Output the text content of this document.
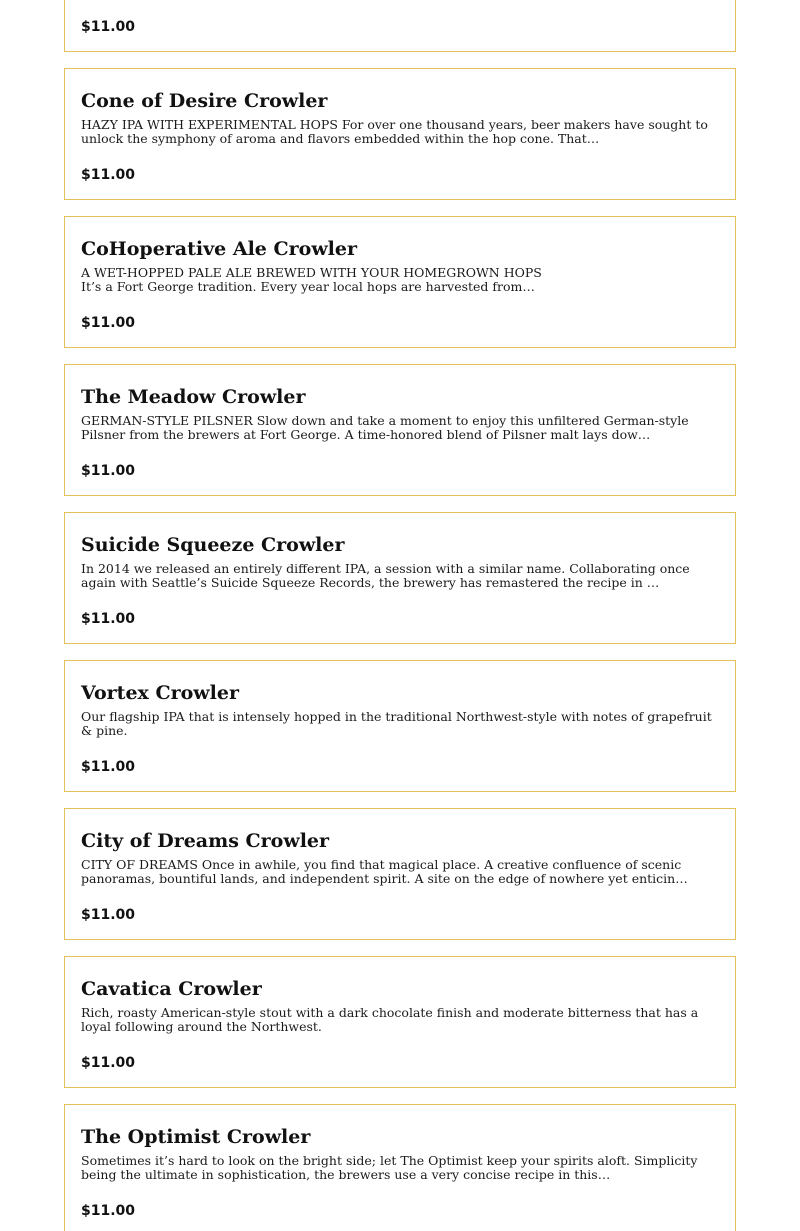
$11.00
Cone of Desire Crowler
HAZY IPA WITH EXPERIMENTAL HOPS For over one thousand years, beer makers have sought to unlock the symphony of aroma and flavors embedded within the hop cone. That…
$11.00
CoHoperative Ale Crowler
A WET-HOPPED PALE ALE BREWED WITH YOUR HOMEGROWN HOPS
It’s a Fort George tradition. Every year local hops are harvested from…
$11.00
The Meadow Crowler
GERMAN-STYLE PILSNER Slow down and take a moment to enjoy this unfiltered German-style Pilsner from the brewers at Fort George. A time-honored blend of Pilsner malt lays dow…
$11.00
Suicide Squeeze Crowler
In 2014 we released an entirely different IPA, a session with a similar name. Collaborating once again with Seattle’s Suicide Squeeze Records, the brewery has remastered the recipe in …
$11.00
Vortex Crowler
Our flagship IPA that is intensely hopped in the traditional Northwest-style with notes of grapefruit & pine.
$11.00
City of Dreams Crowler
CITY OF DREAMS Once in awhile, you find that magical place. A creative confluence of scenic panoramas, bountiful lands, and independent spirit. A site on the edge of nowhere yet enticin…
$11.00
Cavatica Crowler
Rich, roasty American-style stout with a dark chocolate finish and moderate bitterness that has a loyal following around the Northwest.
$11.00
The Optimist Crowler
Sometimes it’s hard to look on the bright side; let The Optimist keep your spirits aloft. Simplicity being the ultimate in sophistication, the brewers use a very concise recipe in this…
$11.00
